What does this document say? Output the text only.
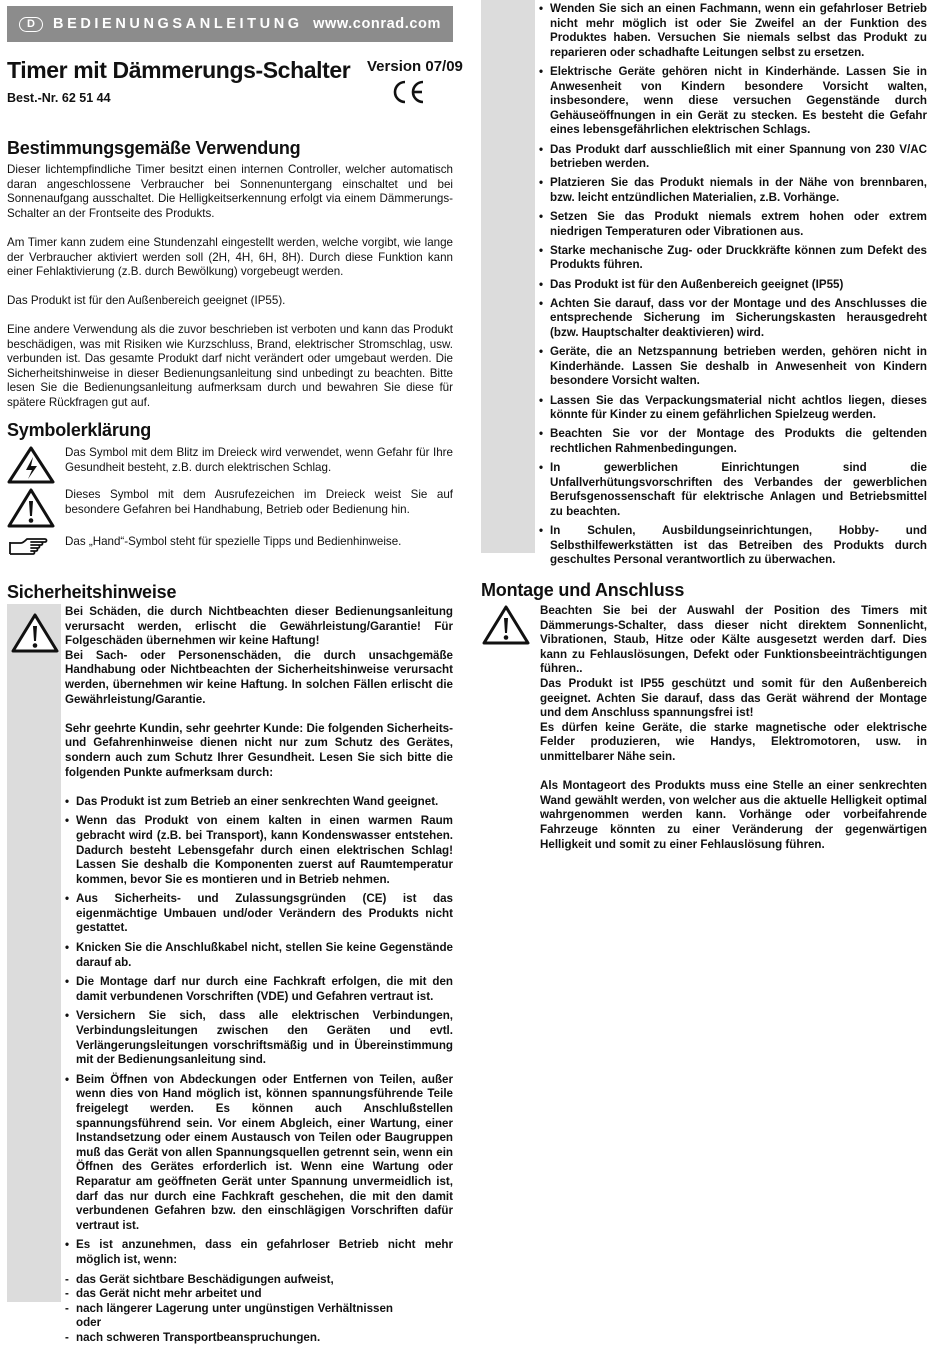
D	BEDIENUNGSANLEITUNG www.conrad.com
Timer mit Dämmerungs-Schalter Version 07/09
Best.-Nr. 62 51 44
Bestimmungsgemäße Verwendung

Dieser lichtempfindliche Timer besitzt einen internen Controller, welcher automatisch daran angeschlossene Verbraucher bei Sonnenuntergang einschaltet und bei Sonnenaufgang ausschaltet. Die Helligkeitserkennung erfolgt via einem Dämmerungs-Schalter an der Frontseite des Produkts.

Am Timer kann zudem eine Stundenzahl eingestellt werden, welche vorgibt, wie lange der Verbraucher aktiviert werden soll (2H, 4H, 6H, 8H). Durch diese Funktion kann einer Fehlaktivierung (z.B. durch Bewölkung) vorgebeugt werden.

Das Produkt ist für den Außenbereich geeignet (IP55).

Eine andere Verwendung als die zuvor beschrieben ist verboten und kann das Produkt beschädigen, was mit Risiken wie Kurzschluss, Brand, elektrischer Stromschlag, usw. verbunden ist. Das gesamte Produkt darf nicht verändert oder umgebaut werden. Die Sicherheitshinweise in dieser Bedienungsanleitung sind unbedingt zu beachten. Bitte lesen Sie die Bedienungsanleitung aufmerksam durch und bewahren Sie diese für spätere Rückfragen gut auf.

Symbolerklärung
Das Symbol mit dem Blitz im Dreieck wird verwendet, wenn Gefahr für Ihre Gesundheit besteht, z.B. durch elektrischen Schlag.
Dieses Symbol mit dem Ausrufezeichen im Dreieck weist Sie auf besondere Gefahren bei Handhabung, Betrieb oder Bedienung hin.
Das „Hand“-Symbol steht für spezielle Tipps und Bedienhinweise.
Sicherheitshinweise

Bei Schäden, die durch Nichtbeachten dieser Bedienungsanleitung verursacht werden, erlischt die Gewährleistung/Garantie! Für Folgeschäden übernehmen wir keine Haftung!

Bei Sach- oder Personenschäden, die durch unsachgemäße Handhabung oder Nichtbeachten der Sicherheitshinweise verursacht werden, übernehmen wir keine Haftung. In solchen Fällen erlischt die Gewährleistung/Garantie.

Sehr geehrte Kundin, sehr geehrter Kunde: Die folgenden Sicherheits- und Gefahrenhinweise dienen nicht nur zum Schutz des Gerätes, sondern auch zum Schutz Ihrer Gesundheit. Lesen Sie sich bitte die folgenden Punkte aufmerksam durch:

• Das Produkt ist zum Betrieb an einer senkrechten Wand geeignet.
• Wenn das Produkt von einem kalten in einen warmen Raum gebracht wird (z.B. bei Transport), kann Kondenswasser entstehen. Dadurch besteht Lebensgefahr durch einen elektrischen Schlag! Lassen Sie deshalb die Komponenten zuerst auf Raumtemperatur kommen, bevor Sie es montieren und in Betrieb nehmen.
• Aus Sicherheits- und Zulassungsgründen (CE) ist das eigenmächtige Umbauen und/oder Verändern des Produkts nicht gestattet.
• Knicken Sie die Anschlußkabel nicht, stellen Sie keine Gegenstände darauf ab.
• Die Montage darf nur durch eine Fachkraft erfolgen, die mit den damit verbundenen Vorschriften (VDE) und Gefahren vertraut ist.
• Versichern Sie sich, dass alle elektrischen Verbindungen, Verbindungsleitungen zwischen den Geräten und evtl. Verlängerungsleitungen vorschriftsmäßig und in Übereinstimmung mit der Bedienungsanleitung sind.
• Beim Öffnen von Abdeckungen oder Entfernen von Teilen, außer wenn dies von Hand möglich ist, können spannungsführende Teile freigelegt werden. Es können auch Anschlußstellen spannungsführend sein. Vor einem Abgleich, einer Wartung, einer Instandsetzung oder einem Austausch von Teilen oder Baugruppen muß das Gerät von allen Spannungsquellen getrennt sein, wenn ein Öffnen des Gerätes erforderlich ist. Wenn eine Wartung oder Reparatur am geöffneten Gerät unter Spannung unvermeidlich ist, darf das nur durch eine Fachkraft geschehen, die mit den damit verbundenen Gefahren bzw. den einschlägigen Vorschriften dafür vertraut ist.
• Es ist anzunehmen, dass ein gefahrloser Betrieb nicht mehr möglich ist, wenn:
- das Gerät sichtbare Beschädigungen aufweist,
- das Gerät nicht mehr arbeitet und
- nach längerer Lagerung unter ungünstigen Verhältnissen oder
- nach schweren Transportbeanspruchungen.
• Wenden Sie sich an einen Fachmann, wenn ein gefahrloser Betrieb nicht mehr möglich ist oder Sie Zweifel an der Funktion des Produktes haben. Versuchen Sie niemals selbst das Produkt zu reparieren oder schadhafte Leitungen selbst zu ersetzen.
• Elektrische Geräte gehören nicht in Kinderhände. Lassen Sie in Anwesenheit von Kindern besondere Vorsicht walten, insbesondere, wenn diese versuchen Gegenstände durch Gehäuseöffnungen in ein Gerät zu stecken. Es besteht die Gefahr eines lebensgefährlichen elektrischen Schlags.
• Das Produkt darf ausschließlich mit einer Spannung von 230 V/AC betrieben werden.
• Platzieren Sie das Produkt niemals in der Nähe von brennbaren, bzw. leicht entzündlichen Materialien, z.B. Vorhänge.
• Setzen Sie das Produkt niemals extrem hohen oder extrem niedrigen Temperaturen oder Vibrationen aus.
• Starke mechanische Zug- oder Druckkräfte können zum Defekt des Produkts führen.
• Das Produkt ist für den Außenbereich geeignet (IP55)
• Achten Sie darauf, dass vor der Montage und des Anschlusses die entsprechende Sicherung im Sicherungskasten herausgedreht (bzw. Hauptschalter deaktivieren) wird.
• Geräte, die an Netzspannung betrieben werden, gehören nicht in Kinderhände. Lassen Sie deshalb in Anwesenheit von Kindern besondere Vorsicht walten.
• Lassen Sie das Verpackungsmaterial nicht achtlos liegen, dieses könnte für Kinder zu einem gefährlichen Spielzeug werden.
• Beachten Sie vor der Montage des Produkts die geltenden rechtlichen Rahmenbedingungen.
• In gewerblichen Einrichtungen sind die Unfallverhütungsvorschriften des Verbandes der gewerblichen Berufsgenossenschaft für elektrische Anlagen und Betriebsmittel zu beachten.
• In Schulen, Ausbildungseinrichtungen, Hobby- und Selbsthilfewerkstätten ist das Betreiben des Produkts durch geschultes Personal verantwortlich zu überwachen.
Montage und Anschluss

Beachten Sie bei der Auswahl der Position des Timers mit Dämmerungs-Schalter, dass dieser nicht direktem Sonnenlicht, Vibrationen, Staub, Hitze oder Kälte ausgesetzt werden darf. Dies kann zu Fehlauslösungen, Defekt oder Funktionsbeeinträchtigungen führen..

Das Produkt ist IP55 geschützt und somit für den Außenbereich geeignet. Achten Sie darauf, dass das Gerät während der Montage und dem Anschluss spannungsfrei ist!

Es dürfen keine Geräte, die starke magnetische oder elektrische Felder produzieren, wie Handys, Elektromotoren, usw. in unmittelbarer Nähe sein.

Als Montageort des Produkts muss eine Stelle an einer senkrechten Wand gewählt werden, von welcher aus die aktuelle Helligkeit optimal wahrgenommen werden kann. Vorhänge oder vorbeifahrende Fahrzeuge könnten zu einer Veränderung der gegenwärtigen Helligkeit und somit zu einer Fehlauslösung führen.
